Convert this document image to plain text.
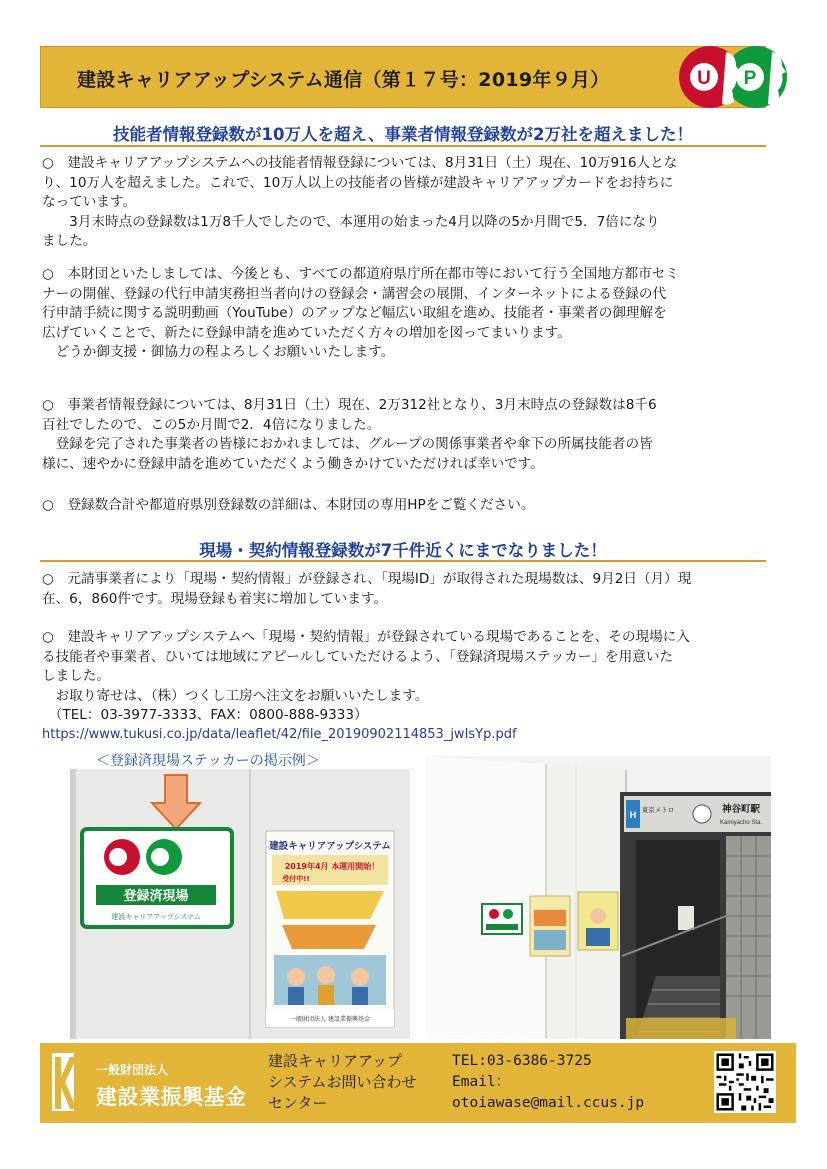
建設キャリアアップシステム通信（第１７号：2019年９月）	U P
技能者情報登録数が10万人を超え、事業者情報登録数が2万社を超えました！
○　建設キャリアアップシステムへの技能者情報登録については、8月31日（土）現在、10万916人とな
り、10万人を超えました。これで、10万人以上の技能者の皆様が建設キャリアアップカードをお持ちに
なっています。
　　3月末時点の登録数は1万8千人でしたので、本運用の始まった4月以降の5か月間で5．7倍になり
ました。
○　本財団といたしましては、今後とも、すべての都道府県庁所在都市等において行う全国地方都市セミ
ナーの開催、登録の代行申請実務担当者向けの登録会・講習会の展開、インターネットによる登録の代
行申請手続に関する説明動画（YouTube）のアップなど幅広い取組を進め、技能者・事業者の御理解を
広げていくことで、新たに登録申請を進めていただく方々の増加を図ってまいります。
　どうか御支援・御協力の程よろしくお願いいたします。
○　事業者情報登録については、8月31日（土）現在、2万312社となり、3月末時点の登録数は8千6
百社でしたので、この5か月間で2．4倍になりました。
　登録を完了された事業者の皆様におかれましては、グループの関係事業者や傘下の所属技能者の皆
様に、速やかに登録申請を進めていただくよう働きかけていただければ幸いです。
○　登録数合計や都道府県別登録数の詳細は、本財団の専用HPをご覧ください。
現場・契約情報登録数が7千件近くにまでなりました！
○　元請事業者により「現場・契約情報」が登録され、「現場ID」が取得された現場数は、9月2日（月）現
在、6，860件です。現場登録も着実に増加しています。
○　建設キャリアアップシステムへ「現場・契約情報」が登録されている現場であることを、その現場に入
る技能者や事業者、ひいては地域にアピールしていただけるよう、「登録済現場ステッカー」を用意いた
しました。
　お取り寄せは、（株）つくし工房へ注文をお願いいたします。
　（TEL：03-3977-3333、FAX：0800-888-9333）
https://www.tukusi.co.jp/data/leaflet/42/file_20190902114853_jwIsYp.pdf
＜登録済現場ステッカーの掲示例＞
登録済現場
建設キャリアアップシステム
建設キャリアアップシステム
2019年4月 本運用開始！
受付中!!
一般財団法人 建設業振興基金
H 東京メトロ	神谷町駅
Kamiyacho Sta.
一般財団法人
建設業振興基金
建設キャリアアップ
システムお問い合わせ
センター
TEL:03-6386-3725
Email：
otoiawase@mail.ccus.jp
